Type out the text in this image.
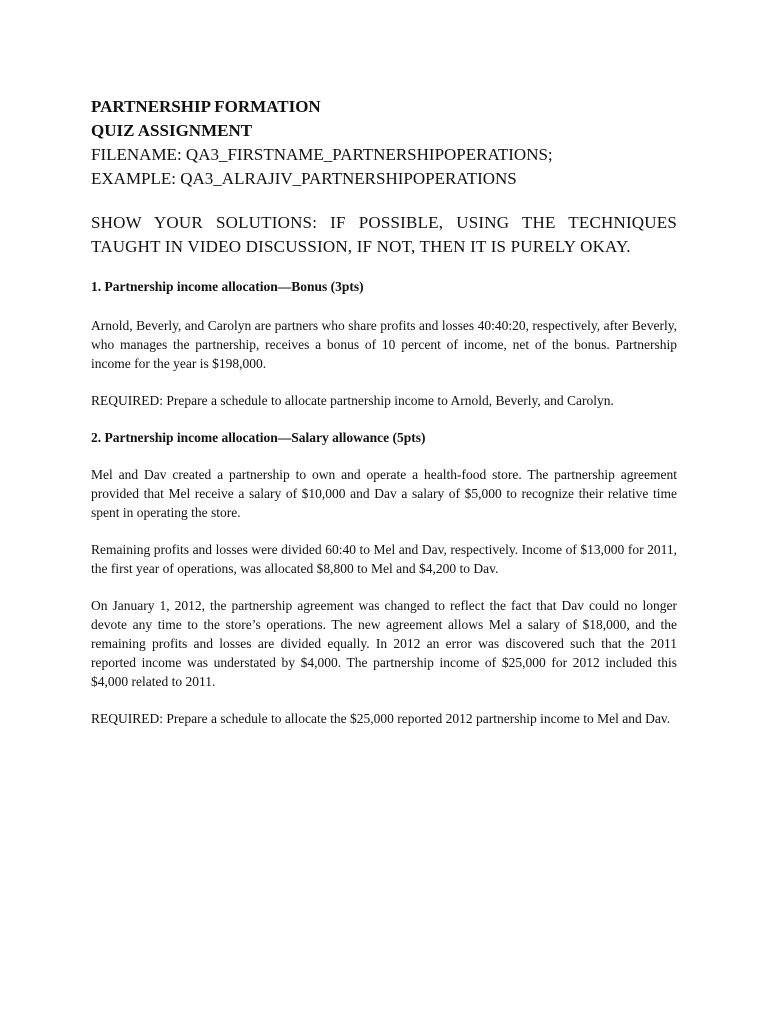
PARTNERSHIP FORMATION

QUIZ ASSIGNMENT

FILENAME: QA3_FIRSTNAME_PARTNERSHIPOPERATIONS;

EXAMPLE: QA3_ALRAJIV_PARTNERSHIPOPERATIONS

SHOW YOUR SOLUTIONS: IF POSSIBLE, USING THE TECHNIQUES TAUGHT IN VIDEO DISCUSSION, IF NOT, THEN IT IS PURELY OKAY.

1. Partnership income allocation—Bonus (3pts)

Arnold, Beverly, and Carolyn are partners who share profits and losses 40:40:20, respectively, after Beverly, who manages the partnership, receives a bonus of 10 percent of income, net of the bonus. Partnership income for the year is $198,000.

REQUIRED: Prepare a schedule to allocate partnership income to Arnold, Beverly, and Carolyn.

2. Partnership income allocation—Salary allowance (5pts)

Mel and Dav created a partnership to own and operate a health-food store. The partnership agreement provided that Mel receive a salary of $10,000 and Dav a salary of $5,000 to recognize their relative time spent in operating the store.

Remaining profits and losses were divided 60:40 to Mel and Dav, respectively. Income of $13,000 for 2011, the first year of operations, was allocated $8,800 to Mel and $4,200 to Dav.

On January 1, 2012, the partnership agreement was changed to reflect the fact that Dav could no longer devote any time to the store’s operations. The new agreement allows Mel a salary of $18,000, and the remaining profits and losses are divided equally. In 2012 an error was discovered such that the 2011 reported income was understated by $4,000. The partnership income of $25,000 for 2012 included this $4,000 related to 2011.

REQUIRED: Prepare a schedule to allocate the $25,000 reported 2012 partnership income to Mel and Dav.
